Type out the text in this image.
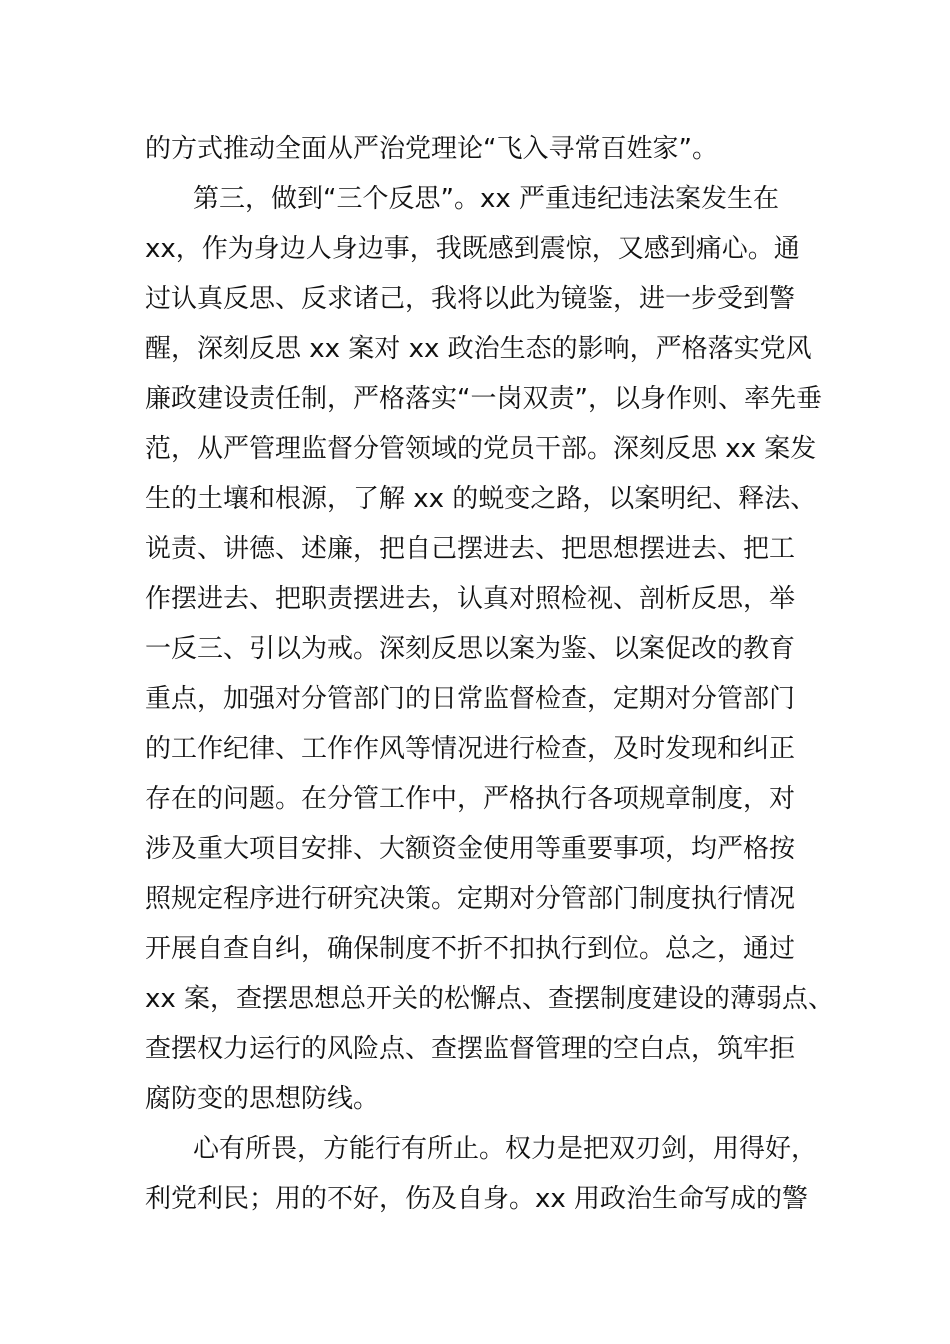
的方式推动全面从严治党理论“飞入寻常百姓家”。
第三，做到“三个反思”。xx 严重违纪违法案发生在
xx，作为身边人身边事，我既感到震惊，又感到痛心。通
过认真反思、反求诸己，我将以此为镜鉴，进一步受到警
醒，深刻反思 xx 案对 xx 政治生态的影响，严格落实党风
廉政建设责任制，严格落实“一岗双责”，以身作则、率先垂
范，从严管理监督分管领域的党员干部。深刻反思 xx 案发
生的土壤和根源，了解 xx 的蜕变之路，以案明纪、释法、
说责、讲德、述廉，把自己摆进去、把思想摆进去、把工
作摆进去、把职责摆进去，认真对照检视、剖析反思，举
一反三、引以为戒。深刻反思以案为鉴、以案促改的教育
重点，加强对分管部门的日常监督检查，定期对分管部门
的工作纪律、工作作风等情况进行检查，及时发现和纠正
存在的问题。在分管工作中，严格执行各项规章制度，对
涉及重大项目安排、大额资金使用等重要事项，均严格按
照规定程序进行研究决策。定期对分管部门制度执行情况
开展自查自纠，确保制度不折不扣执行到位。总之，通过
xx 案，查摆思想总开关的松懈点、查摆制度建设的薄弱点、
查摆权力运行的风险点、查摆监督管理的空白点，筑牢拒
腐防变的思想防线。
心有所畏，方能行有所止。权力是把双刃剑，用得好，
利党利民；用的不好，伤及自身。xx 用政治生命写成的警
